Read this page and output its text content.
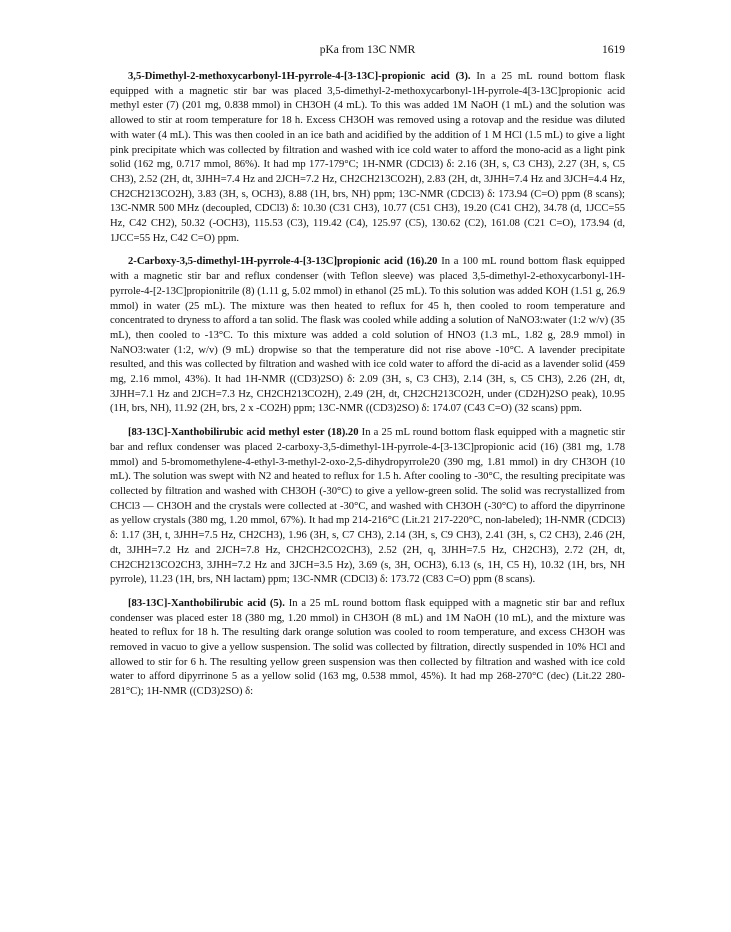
pKa from 13C NMR	1619

3,5-Dimethyl-2-methoxycarbonyl-1H-pyrrole-4-[3-13C]-propionic acid (3). In a 25 mL round bottom flask equipped with a magnetic stir bar was placed 3,5-dimethyl-2-methoxycarbonyl-1H-pyrrole-4[3-13C]propionic acid methyl ester (7) (201 mg, 0.838 mmol) in CH3OH (4 mL). To this was added 1M NaOH (1 mL) and the solution was allowed to stir at room temperature for 18 h. Excess CH3OH was removed using a rotovap and the residue was diluted with water (4 mL). This was then cooled in an ice bath and acidified by the addition of 1 M HCl (1.5 mL) to give a light pink precipitate which was collected by filtration and washed with ice cold water to afford the mono-acid as a light pink solid (162 mg, 0.717 mmol, 86%). It had mp 177-179°C; 1H-NMR (CDCl3) δ: 2.16 (3H, s, C3 CH3), 2.27 (3H, s, C5 CH3), 2.52 (2H, dt, 3JHH=7.4 Hz and 2JCH=7.2 Hz, CH2CH213CO2H), 2.83 (2H, dt, 3JHH=7.4 Hz and 3JCH=4.4 Hz, CH2CH213CO2H), 3.83 (3H, s, OCH3), 8.88 (1H, brs, NH) ppm; 13C-NMR (CDCl3) δ: 173.94 (C=O) ppm (8 scans); 13C-NMR 500 MHz (decoupled, CDCl3) δ: 10.30 (C31 CH3), 10.77 (C51 CH3), 19.20 (C41 CH2), 34.78 (d, 1JCC=55 Hz, C42 CH2), 50.32 (-OCH3), 115.53 (C3), 119.42 (C4), 125.97 (C5), 130.62 (C2), 161.08 (C21 C=O), 173.94 (d, 1JCC=55 Hz, C42 C=O) ppm.

2-Carboxy-3,5-dimethyl-1H-pyrrole-4-[3-13C]propionic acid (16).20 In a 100 mL round bottom flask equipped with a magnetic stir bar and reflux condenser (with Teflon sleeve) was placed 3,5-dimethyl-2-ethoxycarbonyl-1H-pyrrole-4-[2-13C]propionitrile (8) (1.11 g, 5.02 mmol) in ethanol (25 mL). To this solution was added KOH (1.51 g, 26.9 mmol) in water (25 mL). The mixture was then heated to reflux for 45 h, then cooled to room temperature and concentrated to dryness to afford a tan solid. The flask was cooled while adding a solution of NaNO3:water (1:2 w/v) (35 mL), then cooled to -13°C. To this mixture was added a cold solution of HNO3 (1.3 mL, 1.82 g, 28.9 mmol) in NaNO3:water (1:2, w/v) (9 mL) dropwise so that the temperature did not rise above -10°C. A lavender precipitate resulted, and this was collected by filtration and washed with ice cold water to afford the di-acid as a lavender solid (459 mg, 2.16 mmol, 43%). It had 1H-NMR ((CD3)2SO) δ: 2.09 (3H, s, C3 CH3), 2.14 (3H, s, C5 CH3), 2.26 (2H, dt, 3JHH=7.1 Hz and 2JCH=7.3 Hz, CH2CH213CO2H), 2.49 (2H, dt, CH2CH213CO2H, under (CD2H)2SO peak), 10.95 (1H, brs, NH), 11.92 (2H, brs, 2 x -CO2H) ppm; 13C-NMR ((CD3)2SO) δ: 174.07 (C43 C=O) (32 scans) ppm.

[83-13C]-Xanthobilirubic acid methyl ester (18).20 In a 25 mL round bottom flask equipped with a magnetic stir bar and reflux condenser was placed 2-carboxy-3,5-dimethyl-1H-pyrrole-4-[3-13C]propionic acid (16) (381 mg, 1.78 mmol) and 5-bromomethylene-4-ethyl-3-methyl-2-oxo-2,5-dihydropyrrole20 (390 mg, 1.81 mmol) in dry CH3OH (10 mL). The solution was swept with N2 and heated to reflux for 1.5 h. After cooling to -30°C, the resulting precipitate was collected by filtration and washed with CH3OH (-30°C) to give a yellow-green solid. The solid was recrystallized from CHCl3 — CH3OH and the crystals were collected at -30°C, and washed with CH3OH (-30°C) to afford the dipyrrinone as yellow crystals (380 mg, 1.20 mmol, 67%). It had mp 214-216°C (Lit.21 217-220°C, non-labeled); 1H-NMR (CDCl3) δ: 1.17 (3H, t, 3JHH=7.5 Hz, CH2CH3), 1.96 (3H, s, C7 CH3), 2.14 (3H, s, C9 CH3), 2.41 (3H, s, C2 CH3), 2.46 (2H, dt, 3JHH=7.2 Hz and 2JCH=7.8 Hz, CH2CH2CO2CH3), 2.52 (2H, q, 3JHH=7.5 Hz, CH2CH3), 2.72 (2H, dt, CH2CH213CO2CH3, 3JHH=7.2 Hz and 3JCH=3.5 Hz), 3.69 (s, 3H, OCH3), 6.13 (s, 1H, C5 H), 10.32 (1H, brs, NH pyrrole), 11.23 (1H, brs, NH lactam) ppm; 13C-NMR (CDCl3) δ: 173.72 (C83 C=O) ppm (8 scans).

[83-13C]-Xanthobilirubic acid (5). In a 25 mL round bottom flask equipped with a magnetic stir bar and reflux condenser was placed ester 18 (380 mg, 1.20 mmol) in CH3OH (8 mL) and 1M NaOH (10 mL), and the mixture was heated to reflux for 18 h. The resulting dark orange solution was cooled to room temperature, and excess CH3OH was removed in vacuo to give a yellow suspension. The solid was collected by filtration, directly suspended in 10% HCl and allowed to stir for 6 h. The resulting yellow green suspension was then collected by filtration and washed with ice cold water to afford dipyrrinone 5 as a yellow solid (163 mg, 0.538 mmol, 45%). It had mp 268-270°C (dec) (Lit.22 280-281°C); 1H-NMR ((CD3)2SO) δ:
